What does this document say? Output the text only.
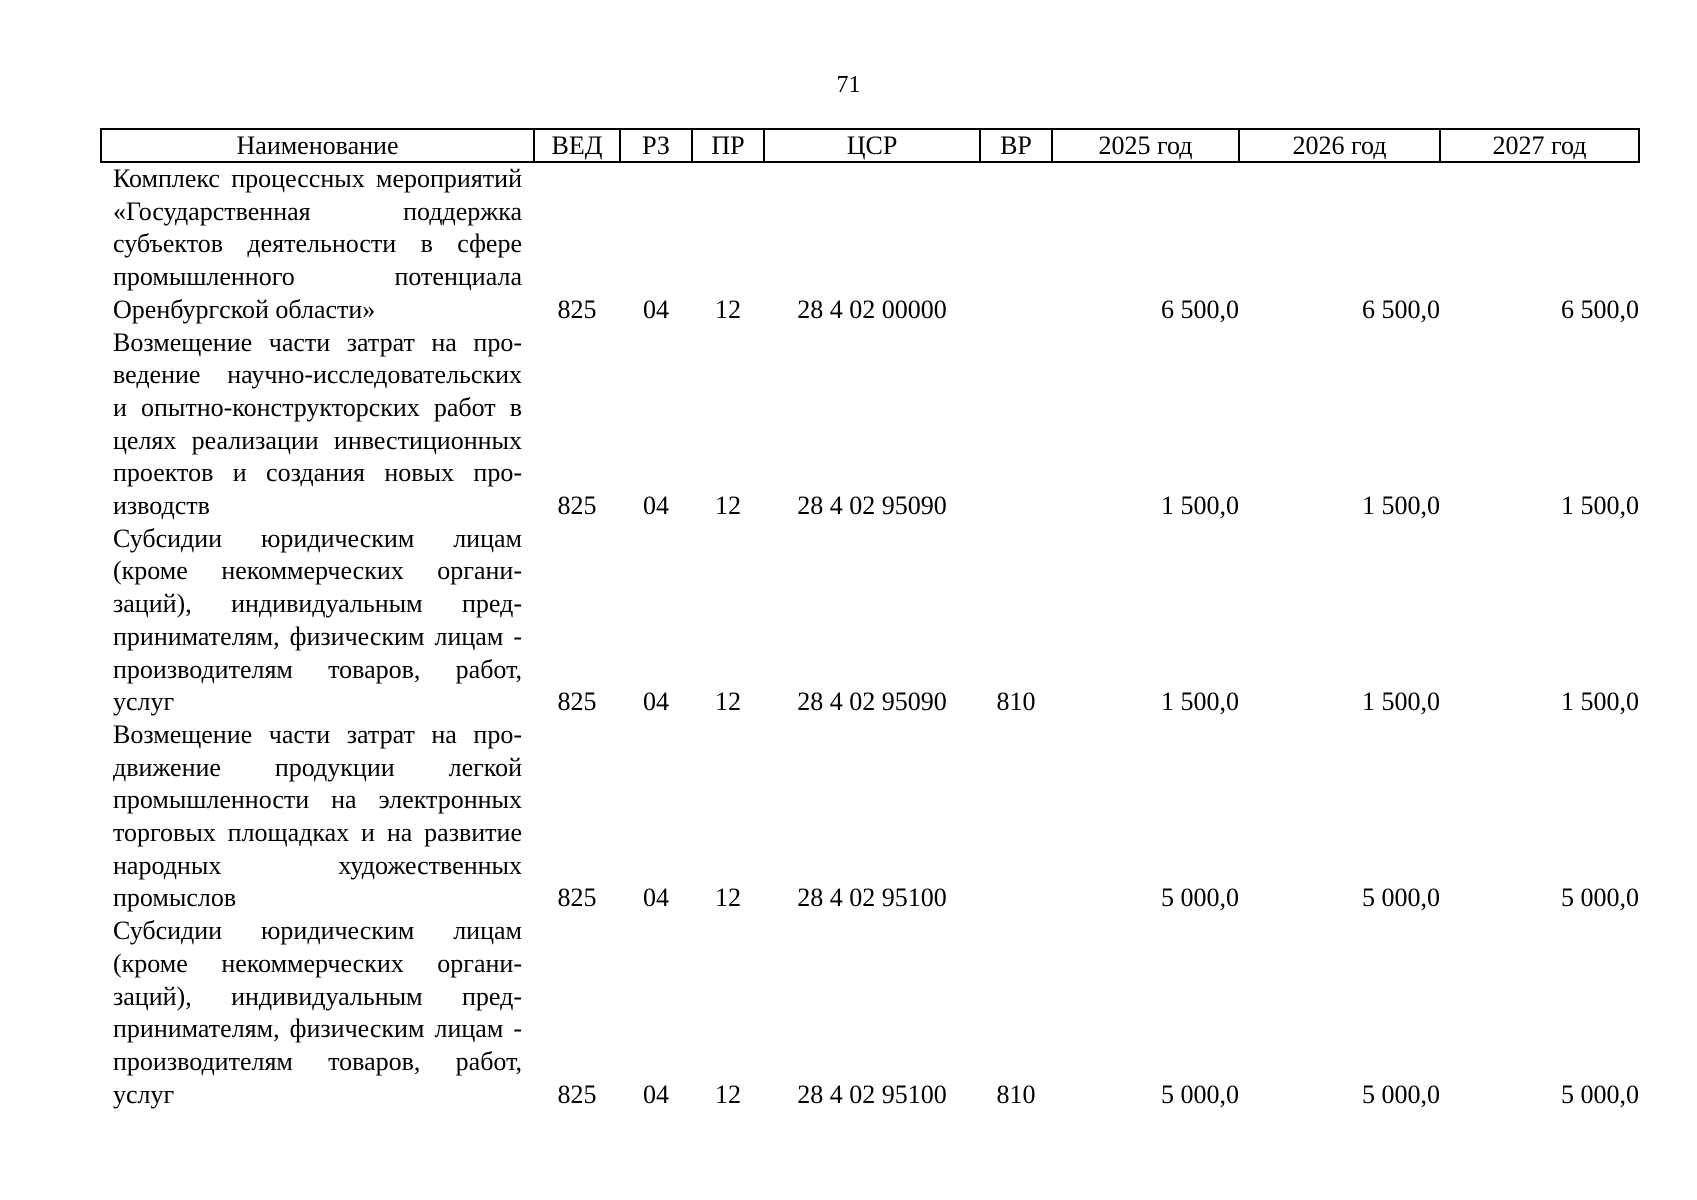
71
Наименование	ВЕД	РЗ	ПР	ЦСР	ВР	2025 год	2026 год	2027 год
Комплекс процессных мероприятий «Государственная поддержка субъектов деятельности в сфере промышленного потенциала Оренбургской области»	825	04	12	28 4 02 00000		6 500,0	6 500,0	6 500,0
Возмещение части затрат на проведение научно-исследовательских и опытно-конструкторских работ в целях реализации инвестиционных проектов и создания новых производств	825	04	12	28 4 02 95090		1 500,0	1 500,0	1 500,0
Субсидии юридическим лицам (кроме некоммерческих организаций), индивидуальным предпринимателям, физическим лицам - производителям товаров, работ, услуг	825	04	12	28 4 02 95090	810	1 500,0	1 500,0	1 500,0
Возмещение части затрат на продвижение продукции легкой промышленности на электронных торговых площадках и на развитие народных художественных промыслов	825	04	12	28 4 02 95100		5 000,0	5 000,0	5 000,0
Субсидии юридическим лицам (кроме некоммерческих организаций), индивидуальным предпринимателям, физическим лицам - производителям товаров, работ, услуг	825	04	12	28 4 02 95100	810	5 000,0	5 000,0	5 000,0
